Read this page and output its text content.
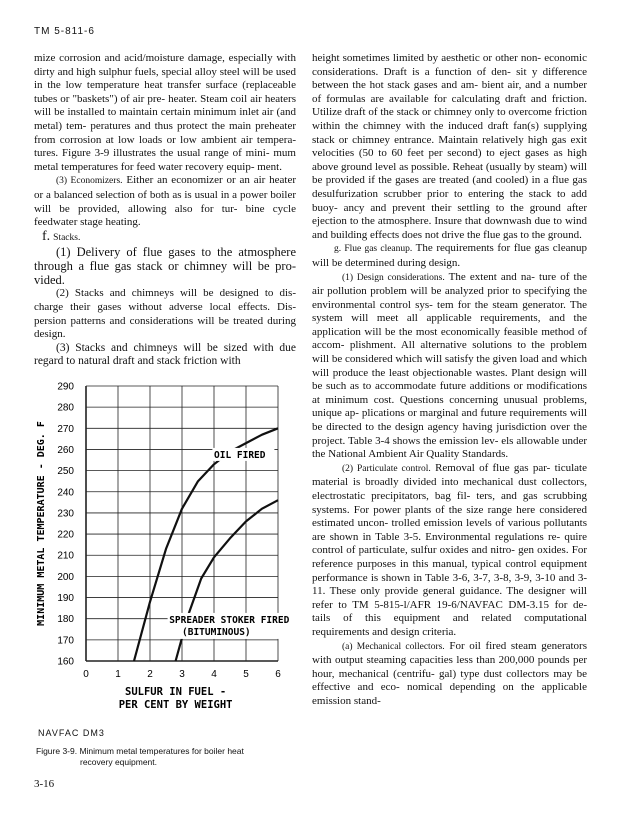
TM 5-811-6

mize corrosion and acid/moisture damage, especially with dirty and high sulphur fuels, special alloy steel will be used in the low temperature heat transfer surface (replaceable tubes or "baskets") of air pre- heater. Steam coil air heaters will be installed to maintain certain minimum inlet air (and metal) tem- peratures and thus protect the main preheater from corrosion at low loads or low ambient air tempera- tures. Figure 3-9 illustrates the usual range of mini- mum metal temperatures for feed water recovery equip- ment.

(3) Economizers. Either an economizer or an air heater or a balanced selection of both as is usual in a power boiler will be provided, allowing also for tur- bine cycle feedwater stage heating.

f. Stacks.

(1) Delivery of flue gases to the atmosphere through a flue gas stack or chimney will be pro- vided.

(2) Stacks and chimneys will be designed to dis- charge their gases without adverse local effects. Dis- persion patterns and considerations will be treated during design.

(3) Stacks and chimneys will be sized with due regard to natural draft and stack friction with

height sometimes limited by aesthetic or other non- economic considerations. Draft is a function of den- sit y difference between the hot stack gases and am- bient air, and a number of formulas are available for calculating draft and friction. Utilize draft of the stack or chimney only to overcome friction within the chimney with the induced draft fan(s) supplying stack or chimney entrance. Maintain relatively high gas exit velocities (50 to 60 feet per second) to eject gases as high above ground level as possible. Reheat (usually by steam) will be provided if the gases are treated (and cooled) in a flue gas desulfurization scrubber prior to entering the stack to add buoy- ancy and prevent their settling to the ground after ejection to the atmosphere. Insure that downwash due to wind and building effects does not drive the flue gas to the ground.

g. Flue gas cleanup. The requirements for flue gas cleanup will be determined during design.

(1) Design considerations. The extent and na- ture of the air pollution problem will be analyzed prior to specifying the environmental control sys- tem for the steam generator. The system will meet all applicable requirements, and the application will be the most economically feasible method of accom- plishment. All alternative solutions to the problem will be considered which will satisfy the given load and which will produce the least objectionable wastes. Plant design will be such as to accommodate future additions or modifications at minimum cost. Questions concerning unusual problems, unique ap- plications or marginal and future requirements will be directed to the design agency having jurisdiction over the project. Table 3-4 shows the emission lev- els allowable under the National Ambient Air Quality Standards.

(2) Particulate control. Removal of flue gas par- ticulate material is broadly divided into mechanical dust collectors, electrostatic precipitators, bag fil- ters, and gas scrubbing systems. For power plants of the size range here considered estimated uncon- trolled emission levels of various pollutants are shown in Table 3-5. Environmental regulations re- quire control of particulate, sulfur oxides and nitro- gen oxides. For reference purposes in this manual, typical control equipment performance is shown in Table 3-6, 3-7, 3-8, 3-9, 3-10 and 3-11. These only provide general guidance. The designer will refer to TM 5-815-l/AFR 19-6/NAVFAC DM-3.15 for de- tails of this equipment and related computational requirements and design criteria.

(a) Mechanical collectors. For oil fired steam generators with output steaming capacities less than 200,000 pounds per hour, mechanical (centrifu- gal) type dust collectors may be effective and eco- nomical depending on the applicable emission stand-

160
170
180
190
200
210
220
230
240
250
260
270
280
290
0	1	2	3	4	5	6
OIL FIRED
SPREADER STOKER FIRED
(BITUMINOUS)
SULFUR IN FUEL -
PER CENT BY WEIGHT
MINIMUM METAL TEMPERATURE - DEG. F
NAVFAC DM3
Figure 3-9. Minimum metal temperatures for boiler heat
recovery equipment.
3-16
